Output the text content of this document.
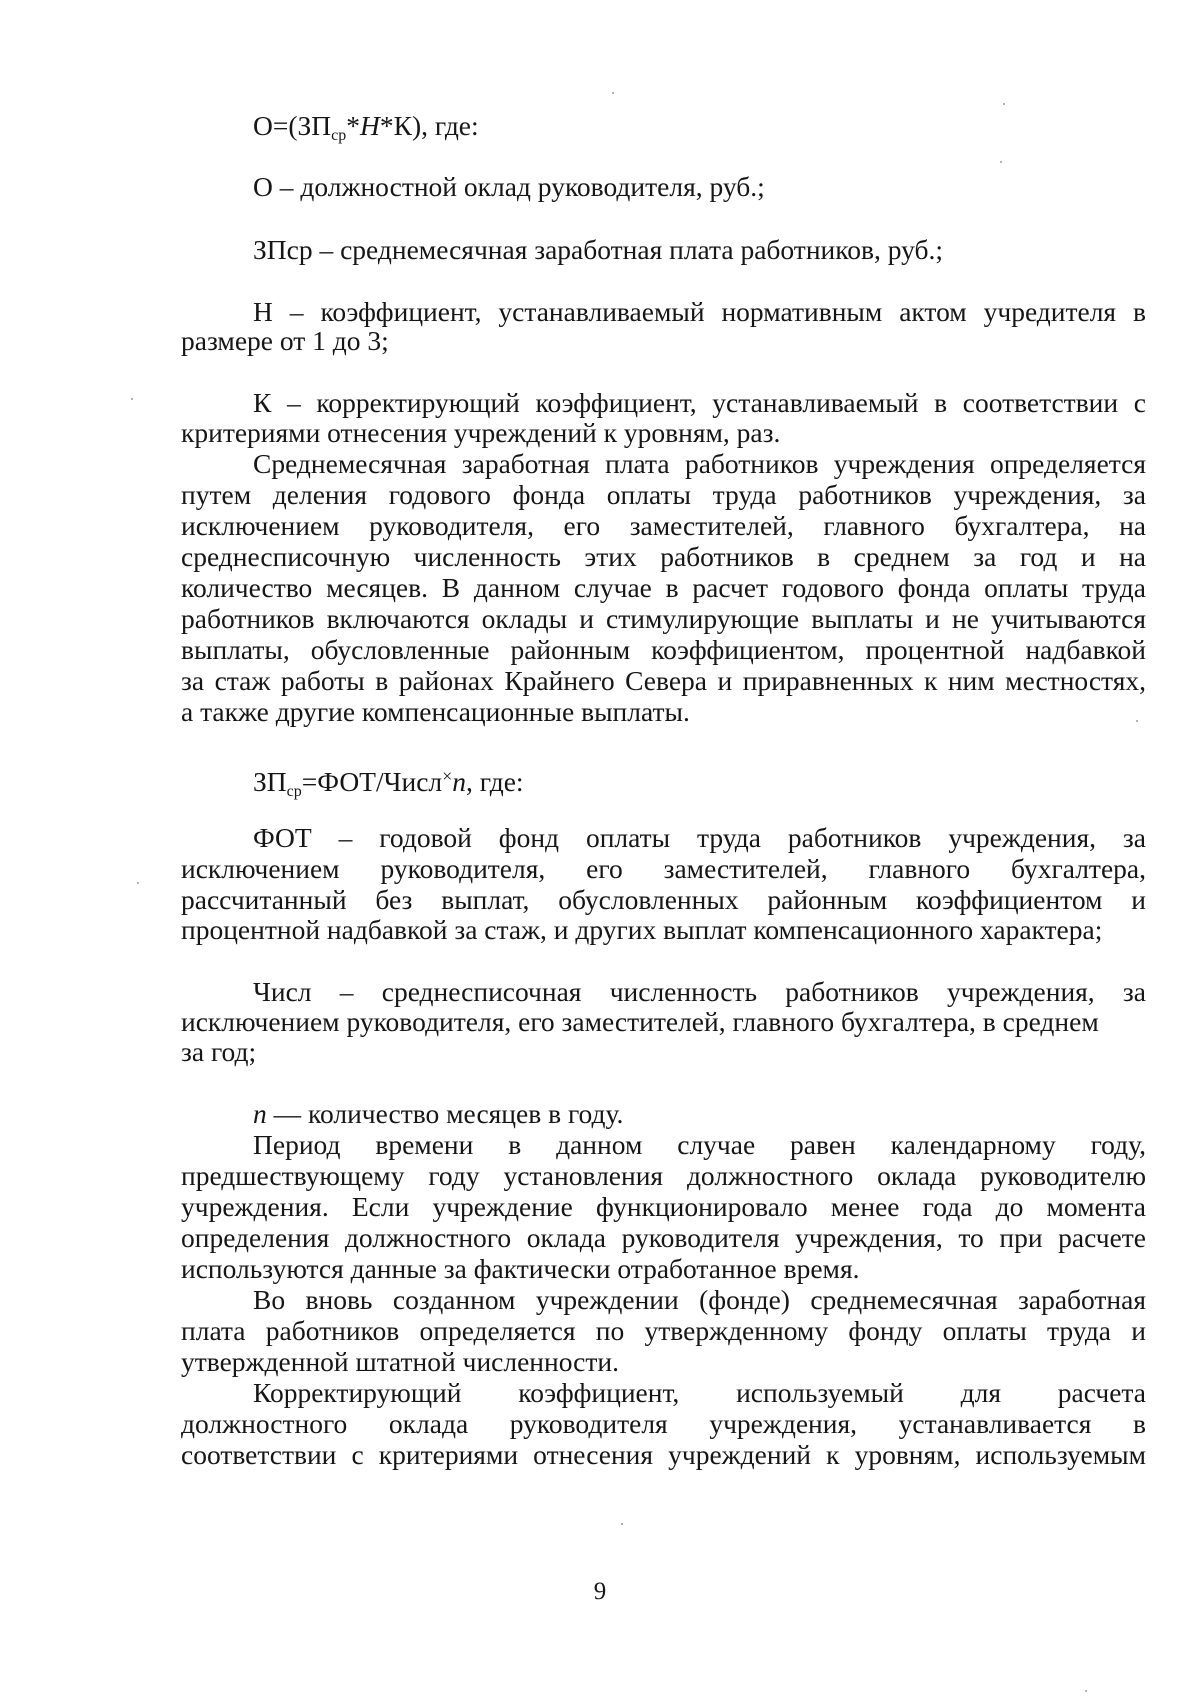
$О=(ЗП_{ср}*Н*К)$, где:

О – должностной оклад руководителя, руб.;

ЗПср – среднемесячная заработная плата работников, руб.;

Н – коэффициент, устанавливаемый нормативным актом учредителя в

размере от 1 до 3;

К – корректирующий коэффициент, устанавливаемый в соответствии с

критериями отнесения учреждений к уровням, раз.

Среднемесячная заработная плата работников учреждения определяется

путем деления годового фонда оплаты труда работников учреждения, за

исключением руководителя, его заместителей, главного бухгалтера, на

среднесписочную численность этих работников в среднем за год и на

количество месяцев. В данном случае в расчет годового фонда оплаты труда

работников включаются оклады и стимулирующие выплаты и не учитываются

выплаты, обусловленные районным коэффициентом, процентной надбавкой

за стаж работы в районах Крайнего Севера и приравненных к ним местностях,

а также другие компенсационные выплаты.

$ЗП_{ср}=ФОТ/Числ^\times n$, где:

ФОТ – годовой фонд оплаты труда работников учреждения, за

исключением руководителя, его заместителей, главного бухгалтера,

рассчитанный без выплат, обусловленных районным коэффициентом и

процентной надбавкой за стаж, и других выплат компенсационного характера;

Числ – среднесписочная численность работников учреждения, за

исключением руководителя, его заместителей, главного бухгалтера, в среднем

за год;

n — количество месяцев в году.

Период времени в данном случае равен календарному году,

предшествующему году установления должностного оклада руководителю

учреждения. Если учреждение функционировало менее года до момента

определения должностного оклада руководителя учреждения, то при расчете

используются данные за фактически отработанное время.

Во вновь созданном учреждении (фонде) среднемесячная заработная

плата работников определяется по утвержденному фонду оплаты труда и

утвержденной штатной численности.

Корректирующий коэффициент, используемый для расчета

должностного оклада руководителя учреждения, устанавливается в

соответствии с критериями отнесения учреждений к уровням, используемым

9
